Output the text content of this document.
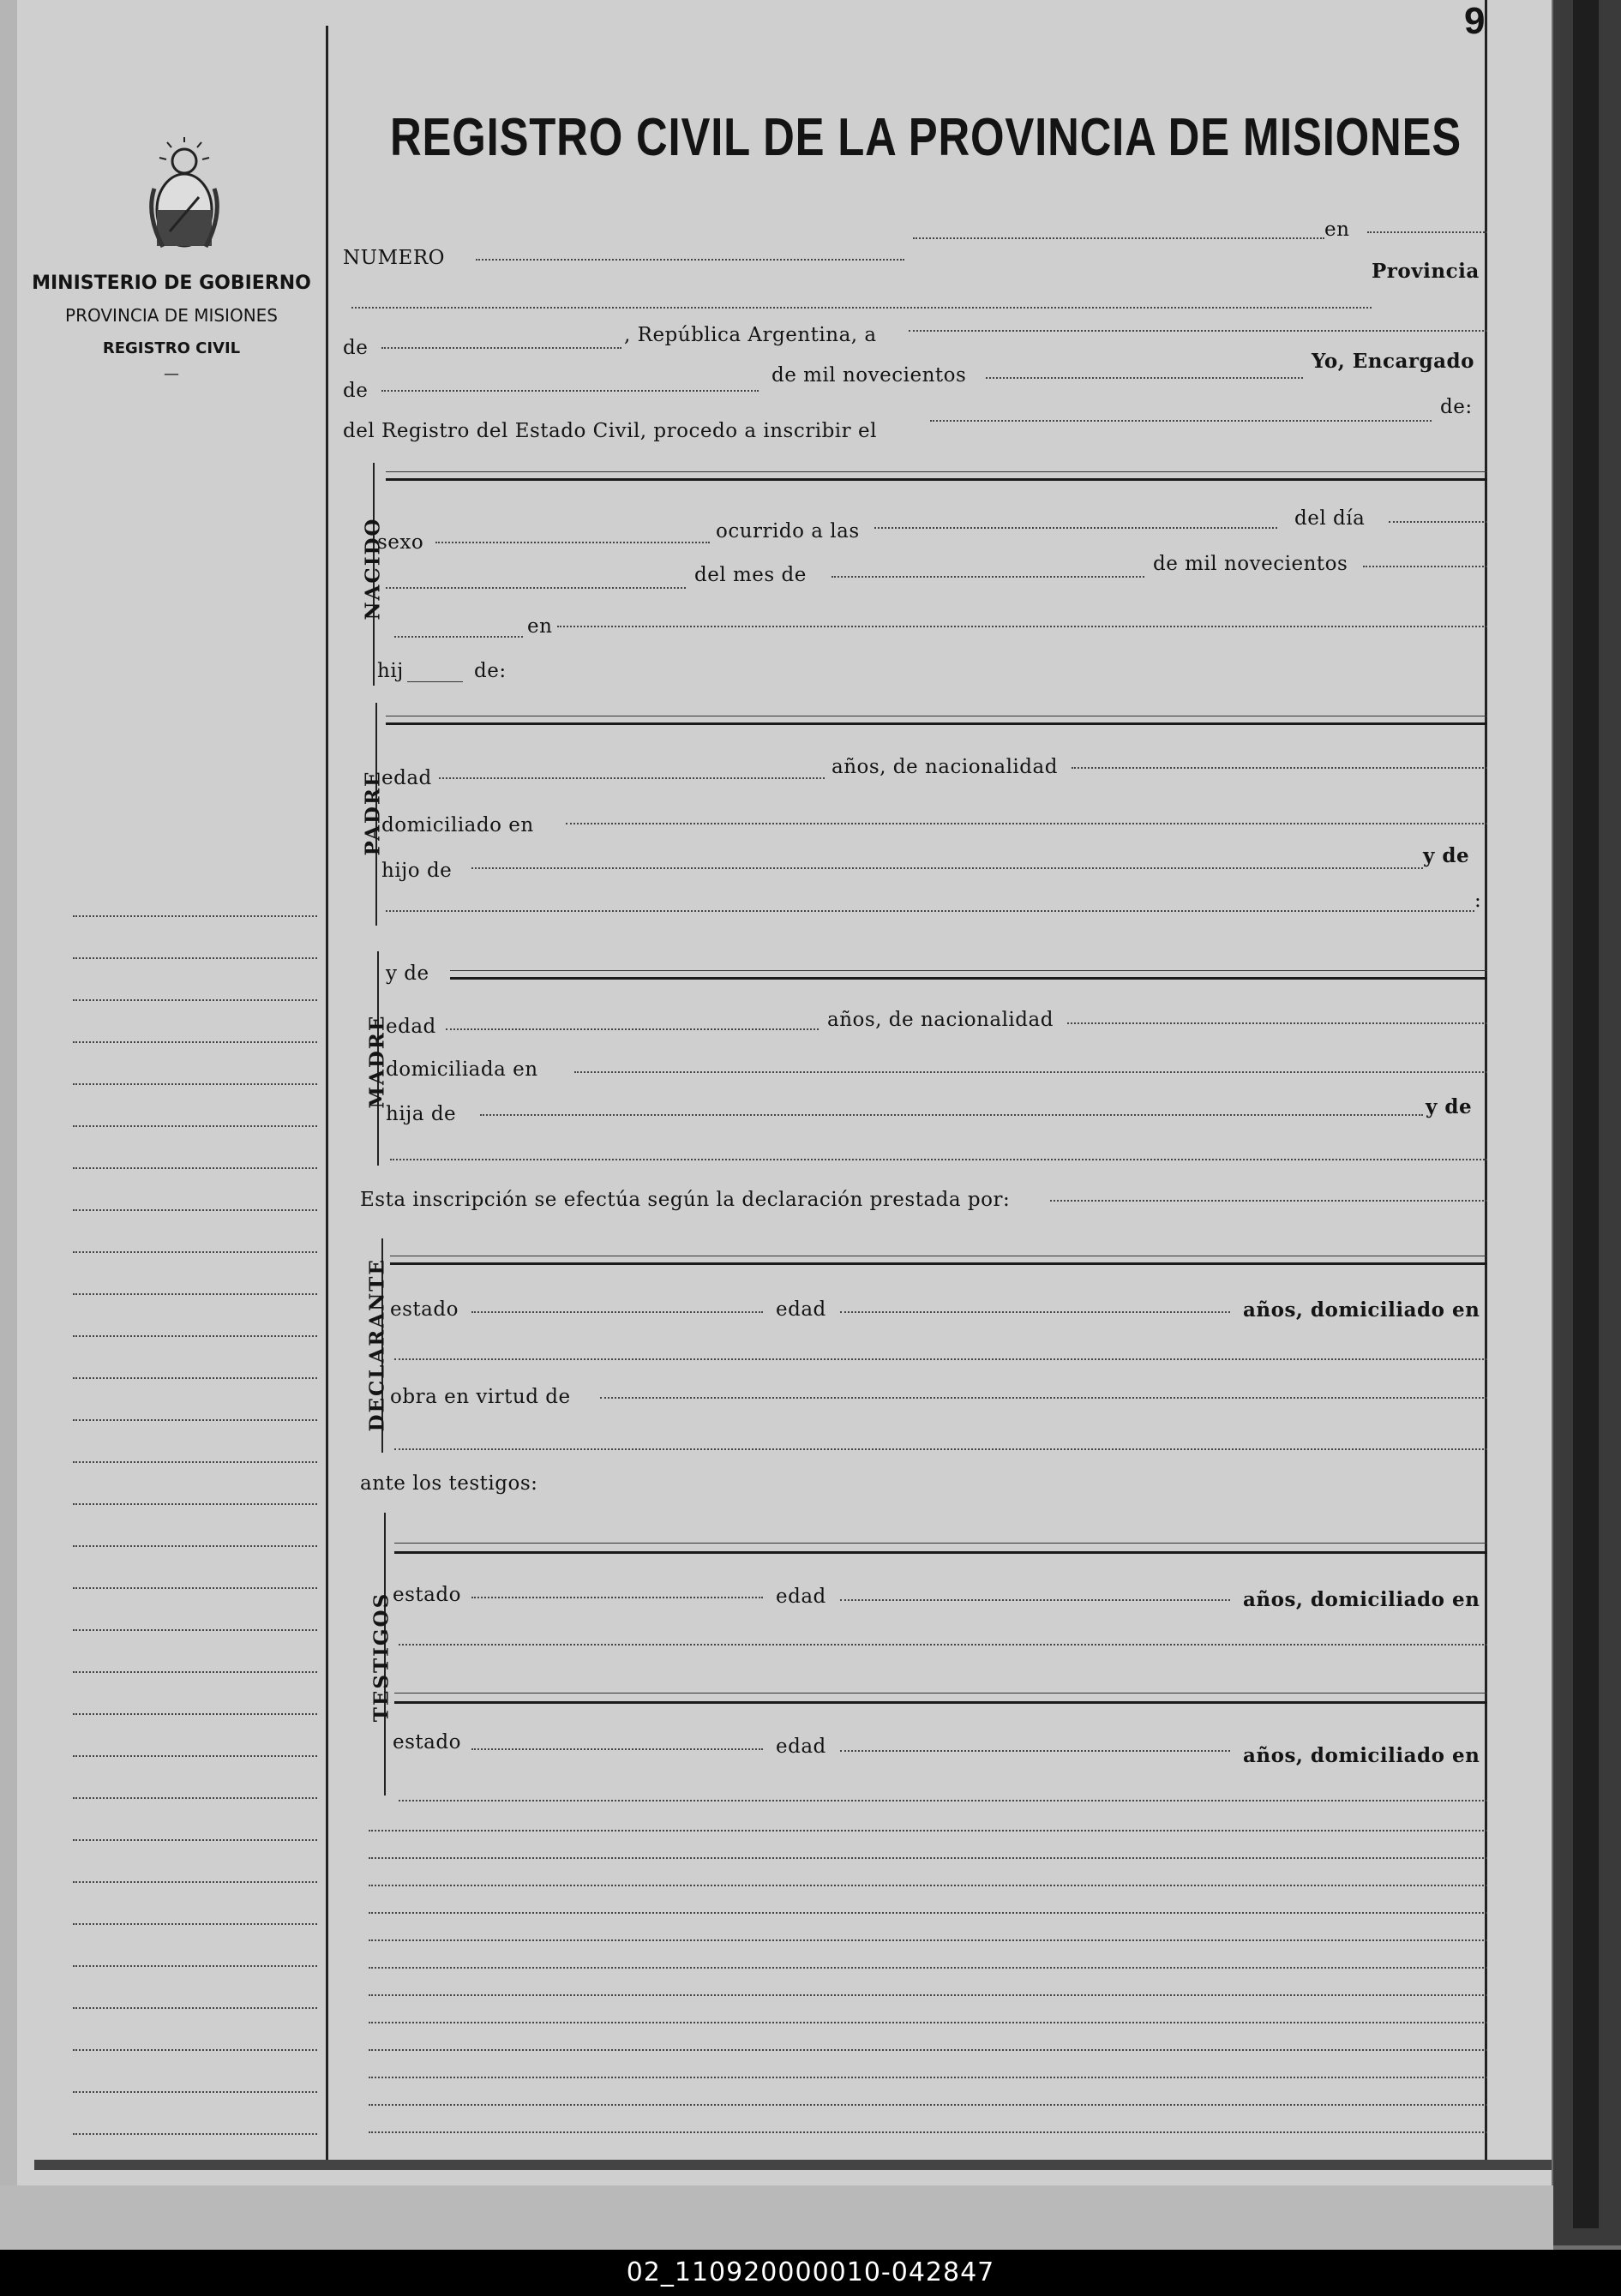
9
MINISTERIO DE GOBIERNO
PROVINCIA DE MISIONES
REGISTRO CIVIL
—
REGISTRO CIVIL DE LA PROVINCIA DE MISIONES
NUMERO
en
Provincia
de
, República Argentina, a
de
de mil novecientos
Yo, Encargado
del Registro del Estado Civil, procedo a inscribir el
de:
NACIDO
sexo	ocurrido a las
del día
del mes de	de mil novecientos
en
hij	de:
PADRE
edad	años, de nacionalidad
domiciliado en
hijo de
y de
:
MADRE
y de
edad	años, de nacionalidad
domiciliada en
hija de	y de
Esta inscripción se efectúa según la declaración prestada por:
DECLARANTE estado	edad	años, domiciliado en
obra en virtud de
ante los testigos:
TESTIGOS estado	edad	años, domiciliado en
estado	edad	años, domiciliado en
02_110920000010-042847
